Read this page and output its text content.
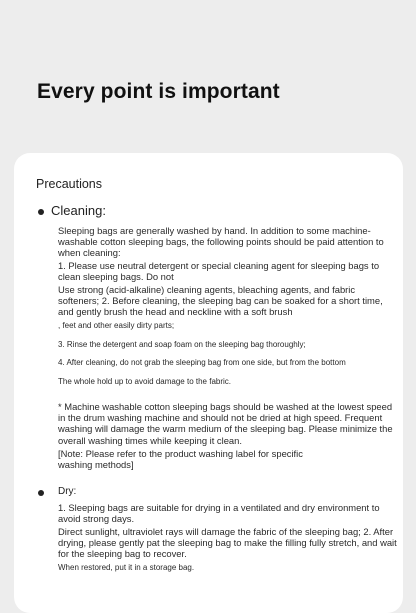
Every point is important
Precautions
Cleaning:
Sleeping bags are generally washed by hand. In addition to some machine-washable cotton sleeping bags, the following points should be paid attention to when cleaning:
1. Please use neutral detergent or special cleaning agent for sleeping bags to clean sleeping bags. Do not
Use strong (acid-alkaline) cleaning agents, bleaching agents, and fabric softeners; 2. Before cleaning, the sleeping bag can be soaked for a short time, and gently brush the head and neckline with a soft brush
, feet and other easily dirty parts;
3. Rinse the detergent and soap foam on the sleeping bag thoroughly;
4. After cleaning, do not grab the sleeping bag from one side, but from the bottom
The whole hold up to avoid damage to the fabric.
* Machine washable cotton sleeping bags should be washed at the lowest speed in the drum washing machine and should not be dried at high speed. Frequent washing will damage the warm medium of the sleeping bag. Please minimize the overall washing times while keeping it clean.
[Note: Please refer to the product washing label for specific washing methods]
Dry:
1. Sleeping bags are suitable for drying in a ventilated and dry environment to avoid strong days.
Direct sunlight, ultraviolet rays will damage the fabric of the sleeping bag; 2. After drying, please gently pat the sleeping bag to make the filling fully stretch, and wait for the sleeping bag to recover.
When restored, put it in a storage bag.
